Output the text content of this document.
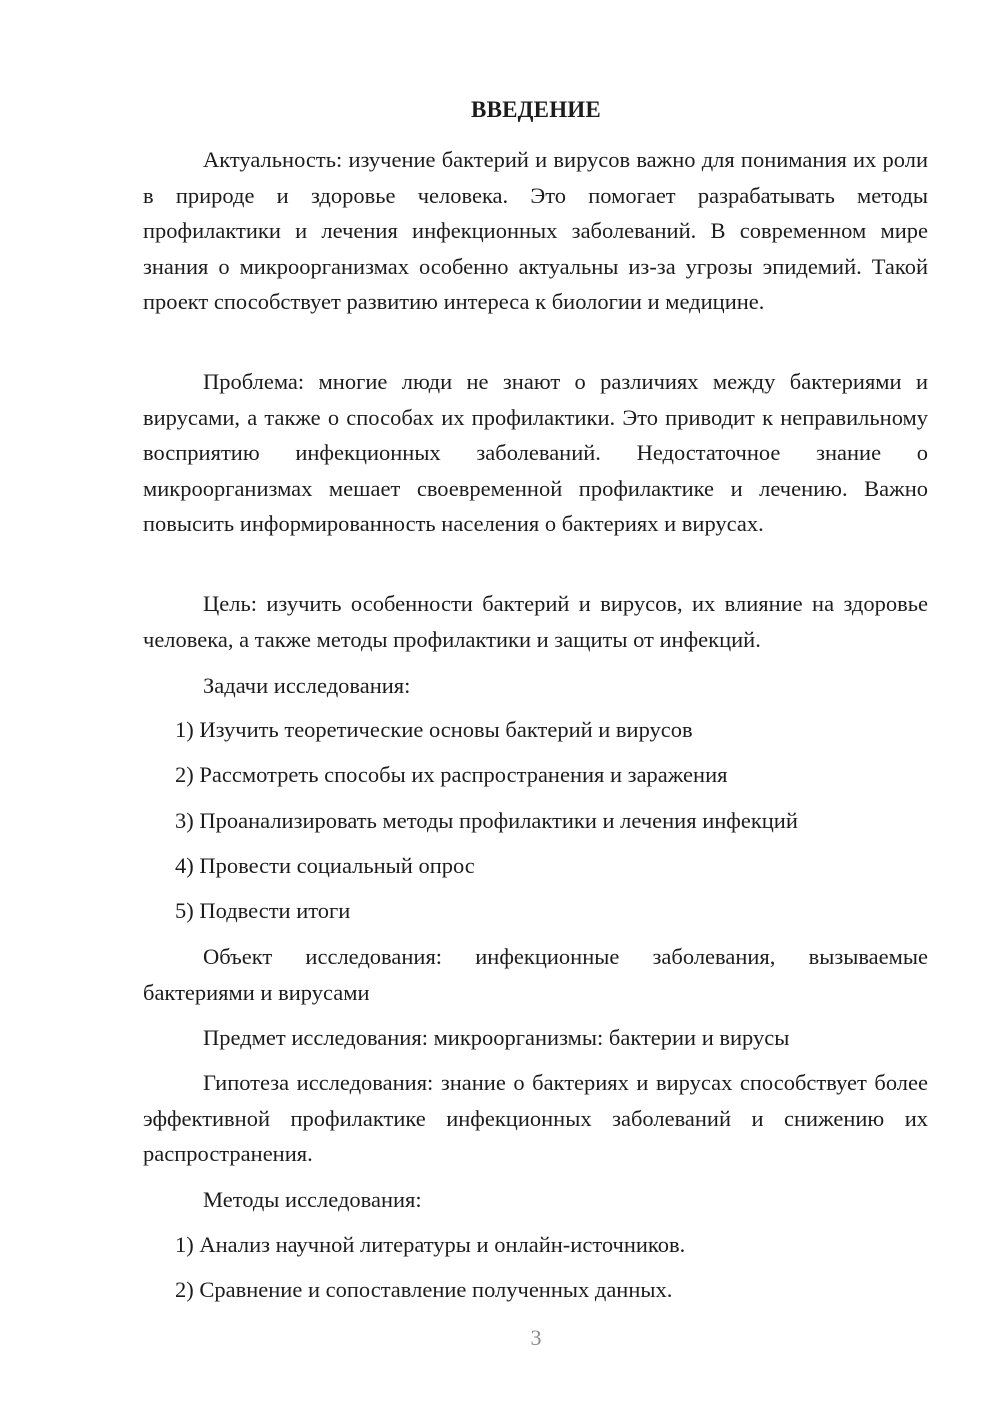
ВВЕДЕНИЕ

Актуальность: изучение бактерий и вирусов важно для понимания их роли в природе и здоровье человека. Это помогает разрабатывать методы профилактики и лечения инфекционных заболеваний. В современном мире знания о микроорганизмах особенно актуальны из-за угрозы эпидемий. Такой проект способствует развитию интереса к биологии и медицине.

Проблема: многие люди не знают о различиях между бактериями и вирусами, а также о способах их профилактики. Это приводит к неправильному восприятию инфекционных заболеваний. Недостаточное знание о микроорганизмах мешает своевременной профилактике и лечению. Важно повысить информированность населения о бактериях и вирусах.

Цель: изучить особенности бактерий и вирусов, их влияние на здоровье человека, а также методы профилактики и защиты от инфекций.

Задачи исследования:

1) Изучить теоретические основы бактерий и вирусов

2) Рассмотреть способы их распространения и заражения

3) Проанализировать методы профилактики и лечения инфекций

4) Провести социальный опрос

5) Подвести итоги

Объект исследования: инфекционные заболевания, вызываемые бактериями и вирусами

Предмет исследования: микроорганизмы: бактерии и вирусы

Гипотеза исследования: знание о бактериях и вирусах способствует более эффективной профилактике инфекционных заболеваний и снижению их распространения.

Методы исследования:

1) Анализ научной литературы и онлайн-источников.

2) Сравнение и сопоставление полученных данных.

3
